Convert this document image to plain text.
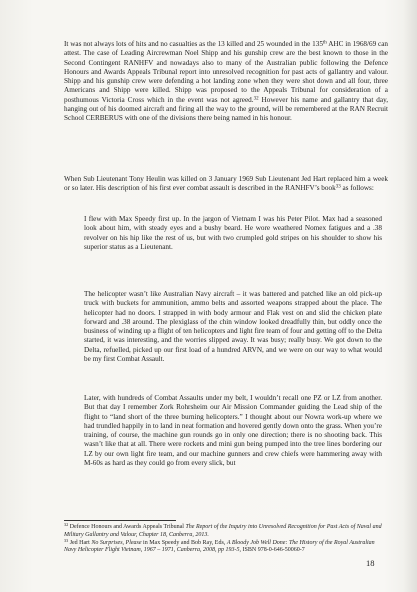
It was not always lots of hits and no casualties as the 13 killed and 25 wounded in the 135th AHC in 1968/69 can attest. The case of Leading Aircrewman Noel Shipp and his gunship crew are the best known to those in the Second Contingent RANHFV and nowadays also to many of the Australian public following the Defence Honours and Awards Appeals Tribunal report into unresolved recognition for past acts of gallantry and valour. Shipp and his gunship crew were defending a hot landing zone when they were shot down and all four, three Americans and Shipp were killed. Shipp was proposed to the Appeals Tribunal for consideration of a posthumous Victoria Cross which in the event was not agreed.$^{32}$ However his name and gallantry that day, hanging out of his doomed aircraft and firing all the way to the ground, will be remembered at the RAN Recruit School CERBERUS with one of the divisions there being named in his honour.

When Sub Lieutenant Tony Heulin was killed on 3 January 1969 Sub Lieutenant Jed Hart replaced him a week or so later. His description of his first ever combat assault is described in the RANHFV’s book$^{33}$ as follows:

I flew with Max Speedy first up. In the jargon of Vietnam I was his Peter Pilot. Max had a seasoned look about him, with steady eyes and a bushy beard. He wore weathered Nomex fatigues and a .38 revolver on his hip like the rest of us, but with two crumpled gold stripes on his shoulder to show his superior status as a Lieutenant.

The helicopter wasn’t like Australian Navy aircraft – it was battered and patched like an old pick-up truck with buckets for ammunition, ammo belts and assorted weapons strapped about the place. The helicopter had no doors. I strapped in with body armour and Flak vest on and slid the chicken plate forward and .38 around. The plexiglass of the chin window looked dreadfully thin, but oddly once the business of winding up a flight of ten helicopters and light fire team of four and getting off to the Delta started, it was interesting, and the worries slipped away. It was busy; really busy. We got down to the Delta, refuelled, picked up our first load of a hundred ARVN, and we were on our way to what would be my first Combat Assault.

Later, with hundreds of Combat Assaults under my belt, I wouldn’t recall one PZ or LZ from another. But that day I remember Zork Rohrsheim our Air Mission Commander guiding the Lead ship of the flight to “land short of the three burning helicopters.” I thought about our Nowra work-up where we had trundled happily in to land in neat formation and hovered gently down onto the grass. When you’re training, of course, the machine gun rounds go in only one direction; there is no shooting back. This wasn’t like that at all. There were rockets and mini gun being pumped into the tree lines bordering our LZ by our own light fire team, and our machine gunners and crew chiefs were hammering away with M-60s as hard as they could go from every slick, but

$^{32}$ Defence Honours and Awards Appeals Tribunal The Report of the Inquiry into Unresolved Recognition for Past Acts of Naval and Military Gallantry and Valour, Chapter 18, Canberra, 2013.

$^{33}$ Jed Hart No Surprises, Please in Max Speedy and Bob Ray, Eds, A Bloody Job Well Done: The History of the Royal Australian Navy Helicopter Flight Vietnam, 1967 – 1971, Canberra, 2008, pp 193-5, ISBN 978-0-646-50060-7

18
